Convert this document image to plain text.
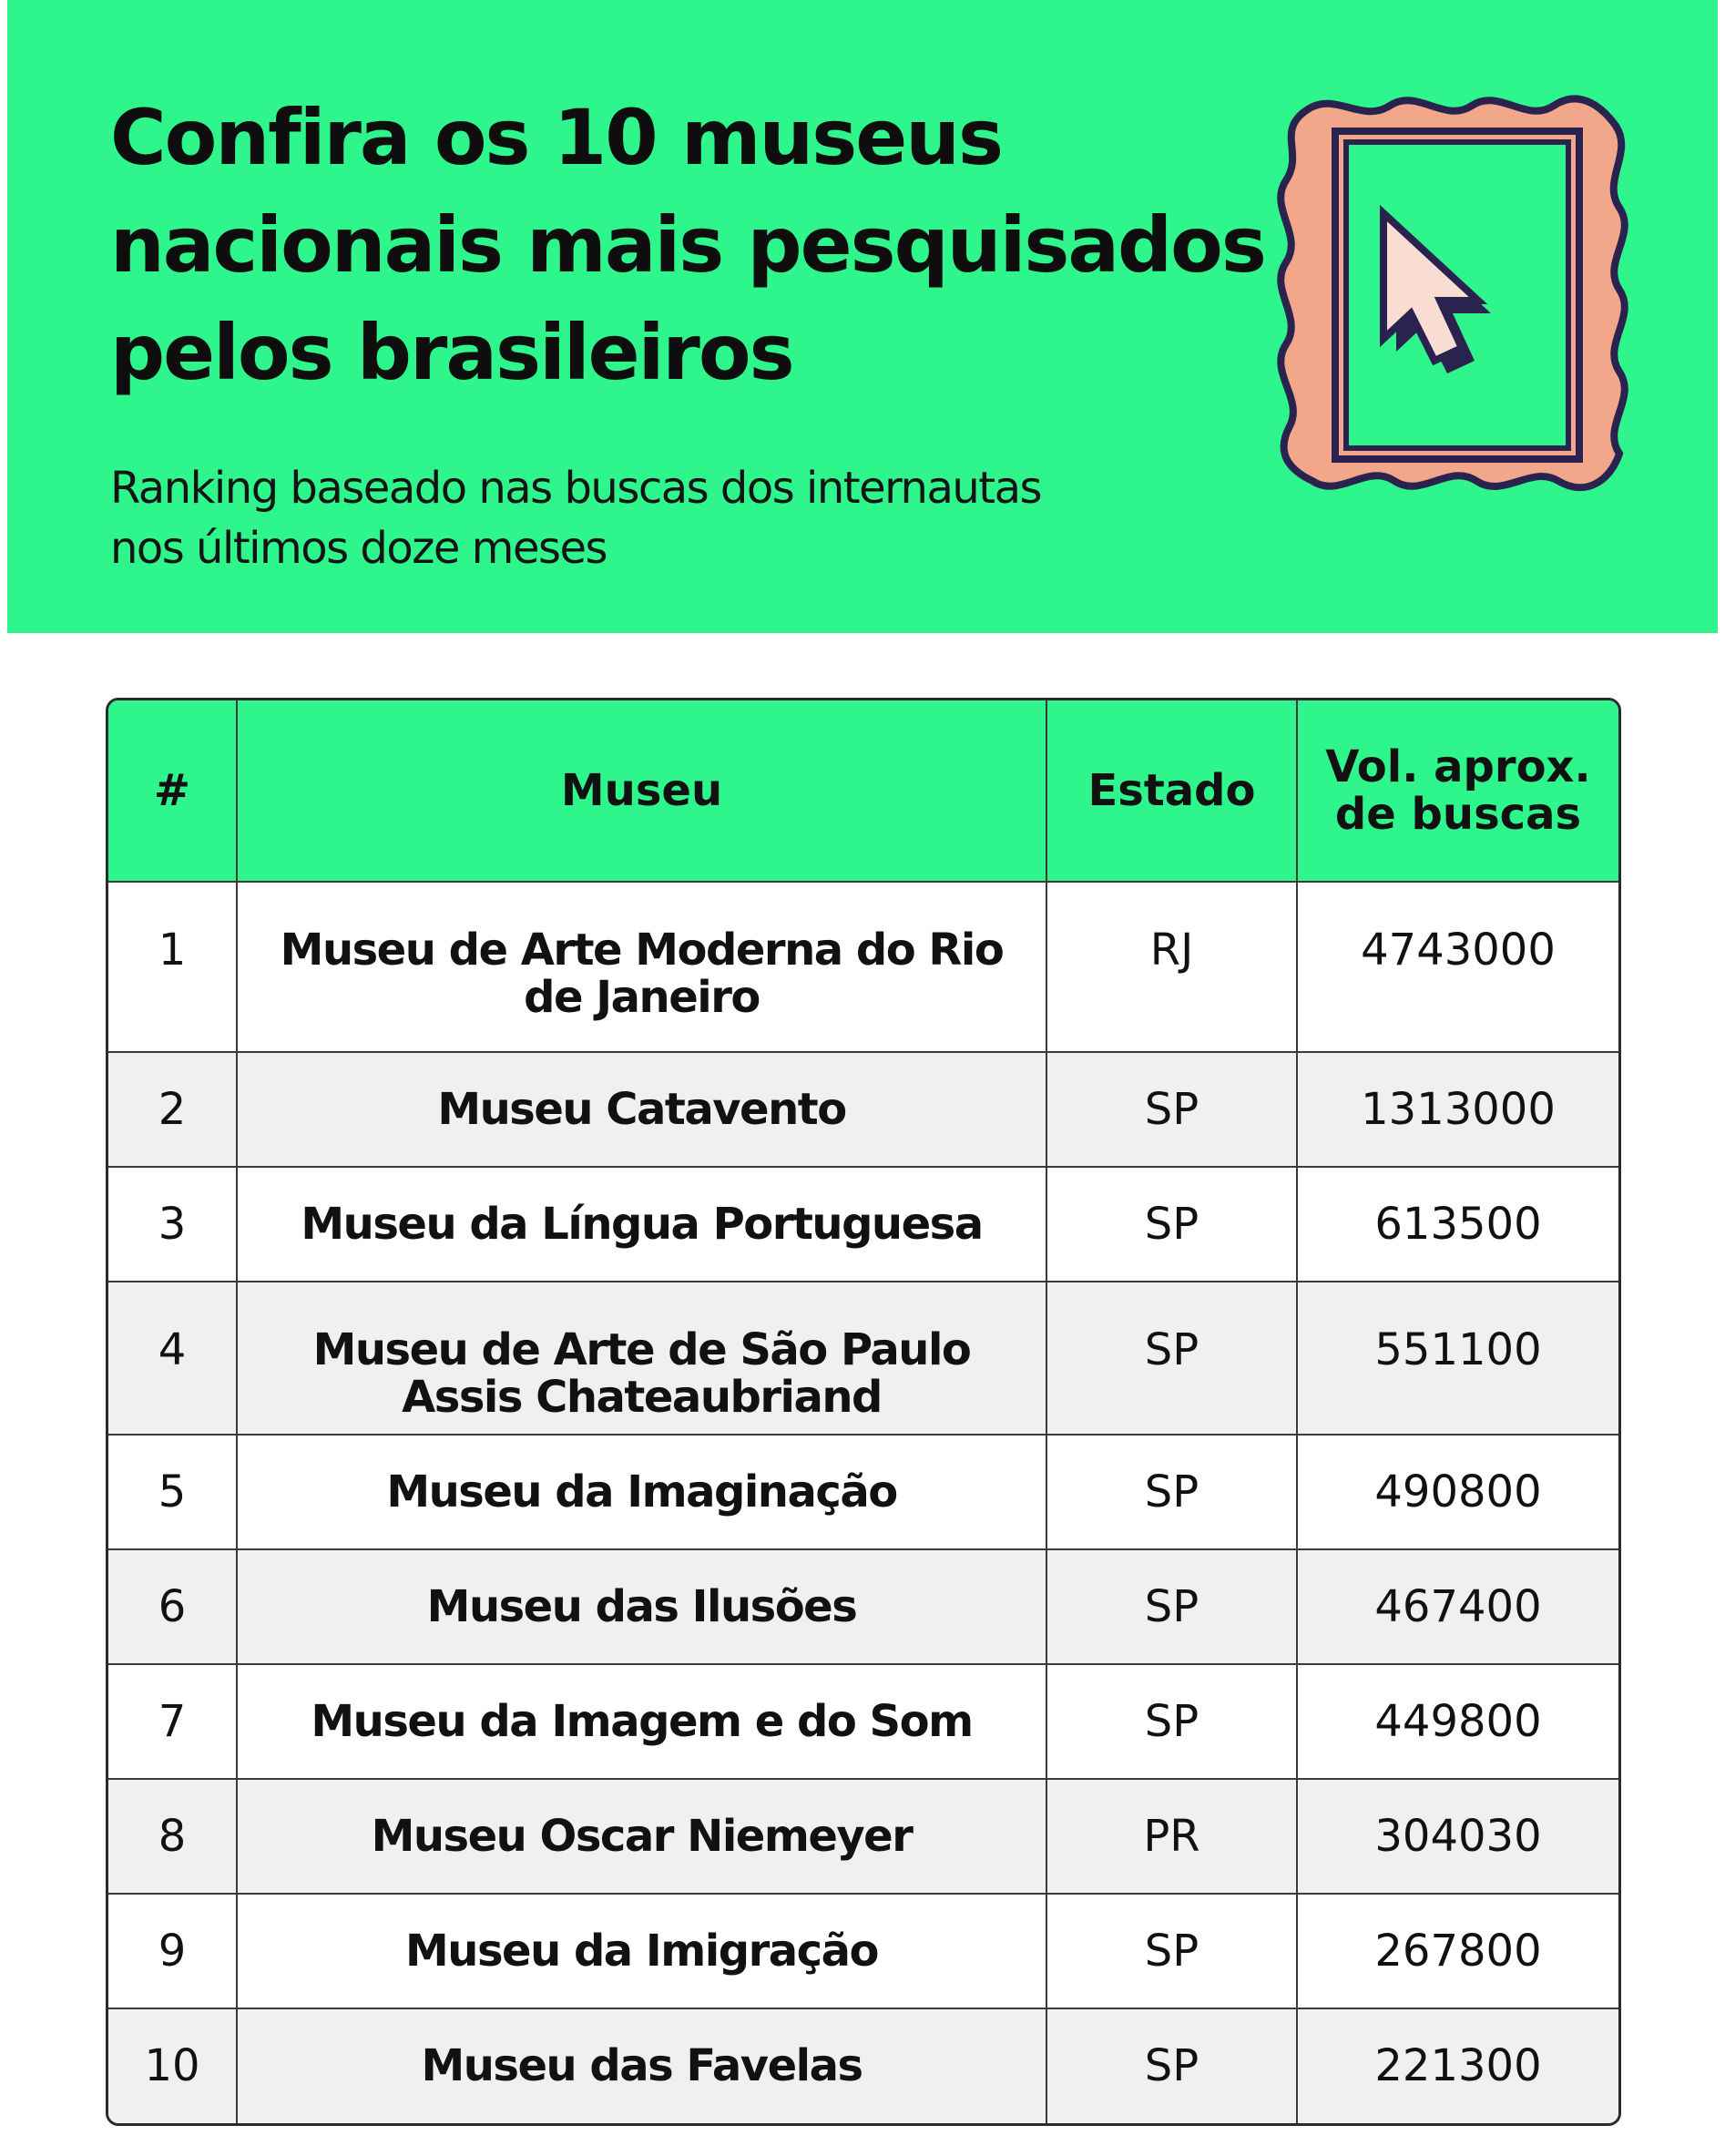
Confira os 10 museus nacionais mais pesquisados pelos brasileiros

Ranking baseado nas buscas dos internautas nos últimos doze meses

#	Museu	Estado	Vol. aprox. de buscas
1	Museu de Arte Moderna do Rio de Janeiro	RJ	4743000
2	Museu Catavento	SP	1313000
3	Museu da Língua Portuguesa	SP	613500
4	Museu de Arte de São Paulo Assis Chateaubriand	SP	551100
5	Museu da Imaginação	SP	490800
6	Museu das Ilusões	SP	467400
7	Museu da Imagem e do Som	SP	449800
8	Museu Oscar Niemeyer	PR	304030
9	Museu da Imigração	SP	267800
10	Museu das Favelas	SP	221300
